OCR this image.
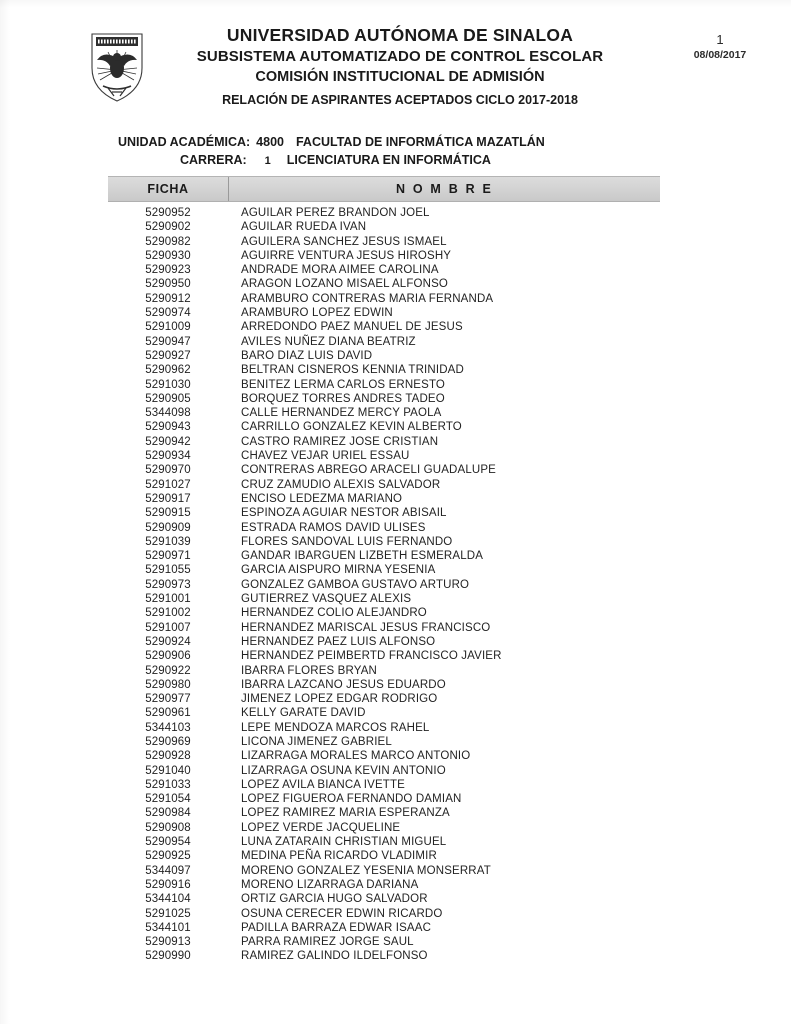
UNIVERSIDAD AUTÓNOMA DE SINALOA
SUBSISTEMA AUTOMATIZADO DE CONTROL ESCOLAR
COMISIÓN INSTITUCIONAL DE ADMISIÓN
RELACIÓN DE ASPIRANTES ACEPTADOS CICLO 2017-2018
1
08/08/2017
UNIDAD ACADÉMICA: 4800 FACULTAD DE INFORMÁTICA MAZATLÁN
CARRERA: 1 LICENCIATURA EN INFORMÁTICA
FICHA	N O M B R E
5290952	AGUILAR PEREZ BRANDON JOEL
5290902	AGUILAR RUEDA IVAN
5290982	AGUILERA SANCHEZ JESUS ISMAEL
5290930	AGUIRRE VENTURA JESUS HIROSHY
5290923	ANDRADE MORA AIMEE CAROLINA
5290950	ARAGON LOZANO MISAEL ALFONSO
5290912	ARAMBURO CONTRERAS MARIA FERNANDA
5290974	ARAMBURO LOPEZ EDWIN
5291009	ARREDONDO PAEZ MANUEL DE JESUS
5290947	AVILES NUÑEZ DIANA BEATRIZ
5290927	BARO DIAZ LUIS DAVID
5290962	BELTRAN CISNEROS KENNIA TRINIDAD
5291030	BENITEZ LERMA CARLOS ERNESTO
5290905	BORQUEZ TORRES ANDRES TADEO
5344098	CALLE HERNANDEZ MERCY PAOLA
5290943	CARRILLO GONZALEZ KEVIN ALBERTO
5290942	CASTRO RAMIREZ JOSE CRISTIAN
5290934	CHAVEZ VEJAR URIEL ESSAU
5290970	CONTRERAS ABREGO ARACELI GUADALUPE
5291027	CRUZ ZAMUDIO ALEXIS SALVADOR
5290917	ENCISO LEDEZMA MARIANO
5290915	ESPINOZA AGUIAR NESTOR ABISAIL
5290909	ESTRADA RAMOS DAVID ULISES
5291039	FLORES SANDOVAL LUIS FERNANDO
5290971	GANDAR IBARGUEN LIZBETH ESMERALDA
5291055	GARCIA AISPURO MIRNA YESENIA
5290973	GONZALEZ GAMBOA GUSTAVO ARTURO
5291001	GUTIERREZ VASQUEZ ALEXIS
5291002	HERNANDEZ COLIO ALEJANDRO
5291007	HERNANDEZ MARISCAL JESUS FRANCISCO
5290924	HERNANDEZ PAEZ LUIS ALFONSO
5290906	HERNANDEZ PEIMBERTD FRANCISCO JAVIER
5290922	IBARRA FLORES BRYAN
5290980	IBARRA LAZCANO JESUS EDUARDO
5290977	JIMENEZ LOPEZ EDGAR RODRIGO
5290961	KELLY GARATE DAVID
5344103	LEPE MENDOZA MARCOS RAHEL
5290969	LICONA JIMENEZ GABRIEL
5290928	LIZARRAGA MORALES MARCO ANTONIO
5291040	LIZARRAGA OSUNA KEVIN ANTONIO
5291033	LOPEZ AVILA BIANCA IVETTE
5291054	LOPEZ FIGUEROA FERNANDO DAMIAN
5290984	LOPEZ RAMIREZ MARIA ESPERANZA
5290908	LOPEZ VERDE JACQUELINE
5290954	LUNA ZATARAIN CHRISTIAN MIGUEL
5290925	MEDINA PEÑA RICARDO VLADIMIR
5344097	MORENO GONZALEZ YESENIA MONSERRAT
5290916	MORENO LIZARRAGA DARIANA
5344104	ORTIZ GARCIA HUGO SALVADOR
5291025	OSUNA CERECER EDWIN RICARDO
5344101	PADILLA BARRAZA EDWAR ISAAC
5290913	PARRA RAMIREZ JORGE SAUL
5290990	RAMIREZ GALINDO ILDELFONSO
